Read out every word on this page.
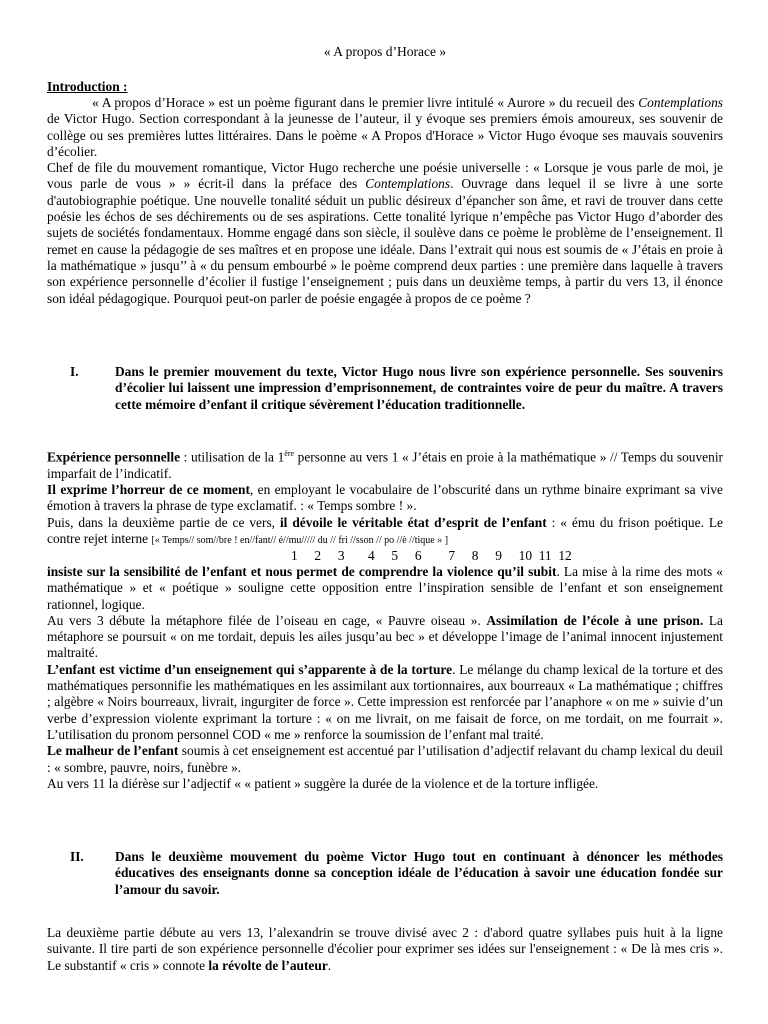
« A propos d’Horace »
Introduction :

« A propos d’Horace » est un poème figurant dans le premier livre intitulé « Aurore » du recueil des Contemplations de Victor Hugo. Section correspondant à la jeunesse de l’auteur, il y évoque ses premiers émois amoureux, ses souvenir de collège ou ses premières luttes littéraires. Dans le poème « A Propos d'Horace » Victor Hugo évoque ses mauvais souvenirs d’écolier.

Chef de file du mouvement romantique, Victor Hugo recherche une poésie universelle : « Lorsque je vous parle de moi, je vous parle de vous » » écrit-il dans la préface des Contemplations. Ouvrage dans lequel il se livre à une sorte d'autobiographie poétique. Une nouvelle tonalité séduit un public désireux d’épancher son âme, et ravi de trouver dans cette poésie les échos de ses déchirements ou de ses aspirations. Cette tonalité lyrique n’empêche pas Victor Hugo d’aborder des sujets de sociétés fondamentaux. Homme engagé dans son siècle, il soulève dans ce poème le problème de l’enseignement. Il remet en cause la pédagogie de ses maîtres et en propose une idéale. Dans l’extrait qui nous est soumis de « J’étais en proie à la mathématique » jusqu’’ à « du pensum embourbé » le poème comprend deux parties : une première dans laquelle à travers son expérience personnelle d’écolier il fustige l’enseignement ; puis dans un deuxième temps, à partir du vers 13, il énonce son idéal pédagogique. Pourquoi peut-on parler de poésie engagée à propos de ce poème ?

I.	Dans le premier mouvement du texte, Victor Hugo nous livre son expérience personnelle. Ses souvenirs d’écolier lui laissent une impression d’emprisonnement, de contraintes voire de peur du maître. A travers cette mémoire d’enfant il critique sévèrement l’éducation traditionnelle.

Expérience personnelle : utilisation de la 1ère personne au vers 1 « J’étais en proie à la mathématique » // Temps du souvenir imparfait de l’indicatif.

Il exprime l’horreur de ce moment, en employant le vocabulaire de l’obscurité dans un rythme binaire exprimant sa vive émotion à travers la phrase de type exclamatif. : « Temps sombre ! ».

Puis, dans la deuxième partie de ce vers, il dévoile le véritable état d’esprit de l’enfant : « ému du frison poétique. Le contre rejet interne [« Temps// som//bre ! en//fant// é//mu///// du // fri //sson // po //è //tique » ]

1     2     3       4     5     6        7     8     9     10  11  12

insiste sur la sensibilité de l’enfant et nous permet de comprendre la violence qu’il subit. La mise à la rime des mots « mathématique » et « poétique » souligne cette opposition entre l’inspiration sensible de l’enfant et son enseignement rationnel, logique.

Au vers 3 débute la métaphore filée de l’oiseau en cage, « Pauvre oiseau ». Assimilation de l’école à une prison. La métaphore se poursuit « on me tordait, depuis les ailes jusqu’au bec » et développe l’image de l’animal innocent injustement maltraité.

L’enfant est victime d’un enseignement qui s’apparente à de la torture. Le mélange du champ lexical de la torture et des mathématiques personnifie les mathématiques en les assimilant aux tortionnaires, aux bourreaux « La mathématique ; chiffres ; algèbre « Noirs bourreaux, livrait, ingurgiter de force ». Cette impression est renforcée par l’anaphore « on me » suivie d’un verbe d’expression violente exprimant la torture : « on me livrait, on me faisait de force, on me tordait, on me fourrait ». L’utilisation du pronom personnel COD « me » renforce la soumission de l’enfant mal traité.

Le malheur de l’enfant soumis à cet enseignement est accentué par l’utilisation d’adjectif relavant du champ lexical du deuil : « sombre, pauvre, noirs, funèbre ».

Au vers 11 la diérèse sur l’adjectif « « patient » suggère la durée de la violence et de la torture infligée.

II. Dans le deuxième mouvement du poème Victor Hugo tout en continuant à dénoncer les méthodes éducatives des enseignants donne sa conception idéale de l’éducation à savoir une éducation fondée sur l’amour du savoir.

La deuxième partie débute au vers 13, l’alexandrin se trouve divisé avec 2 : d'abord quatre syllabes puis huit à la ligne suivante. Il tire parti de son expérience personnelle d'écolier pour exprimer ses idées sur l'enseignement : « De là mes cris ». Le substantif « cris » connote la révolte de l’auteur.
